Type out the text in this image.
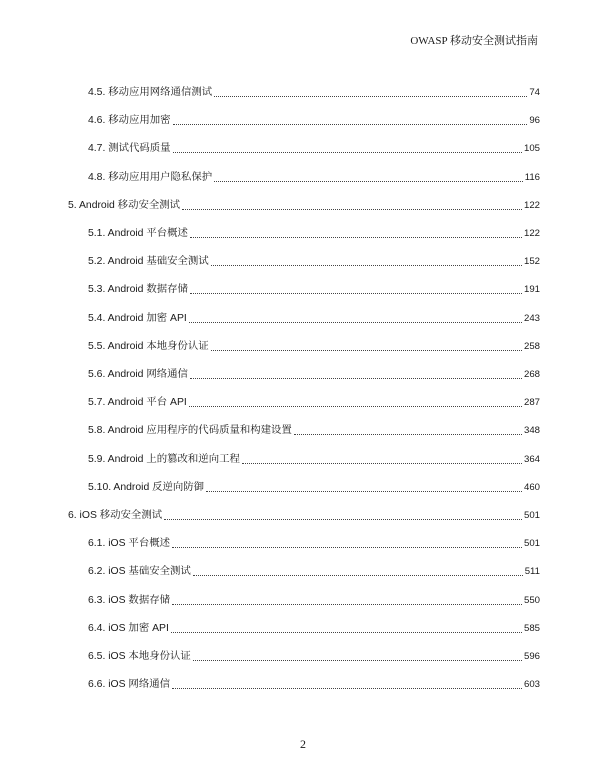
OWASP 移动安全测试指南
4.5. 移动应用网络通信测试	74
4.6. 移动应用加密	96
4.7. 测试代码质量	105
4.8. 移动应用用户隐私保护	116
5. Android 移动安全测试	122
5.1. Android 平台概述	122
5.2. Android 基础安全测试	152
5.3. Android 数据存储	191
5.4. Android 加密 API	243
5.5. Android 本地身份认证	258
5.6. Android 网络通信	268
5.7. Android 平台 API	287
5.8. Android 应用程序的代码质量和构建设置	348
5.9. Android 上的篡改和逆向工程	364
5.10. Android 反逆向防御	460
6. iOS 移动安全测试	501
6.1. iOS 平台概述	501
6.2. iOS 基础安全测试	511
6.3. iOS 数据存储	550
6.4. iOS 加密 API	585
6.5. iOS 本地身份认证	596
6.6. iOS 网络通信	603
2
